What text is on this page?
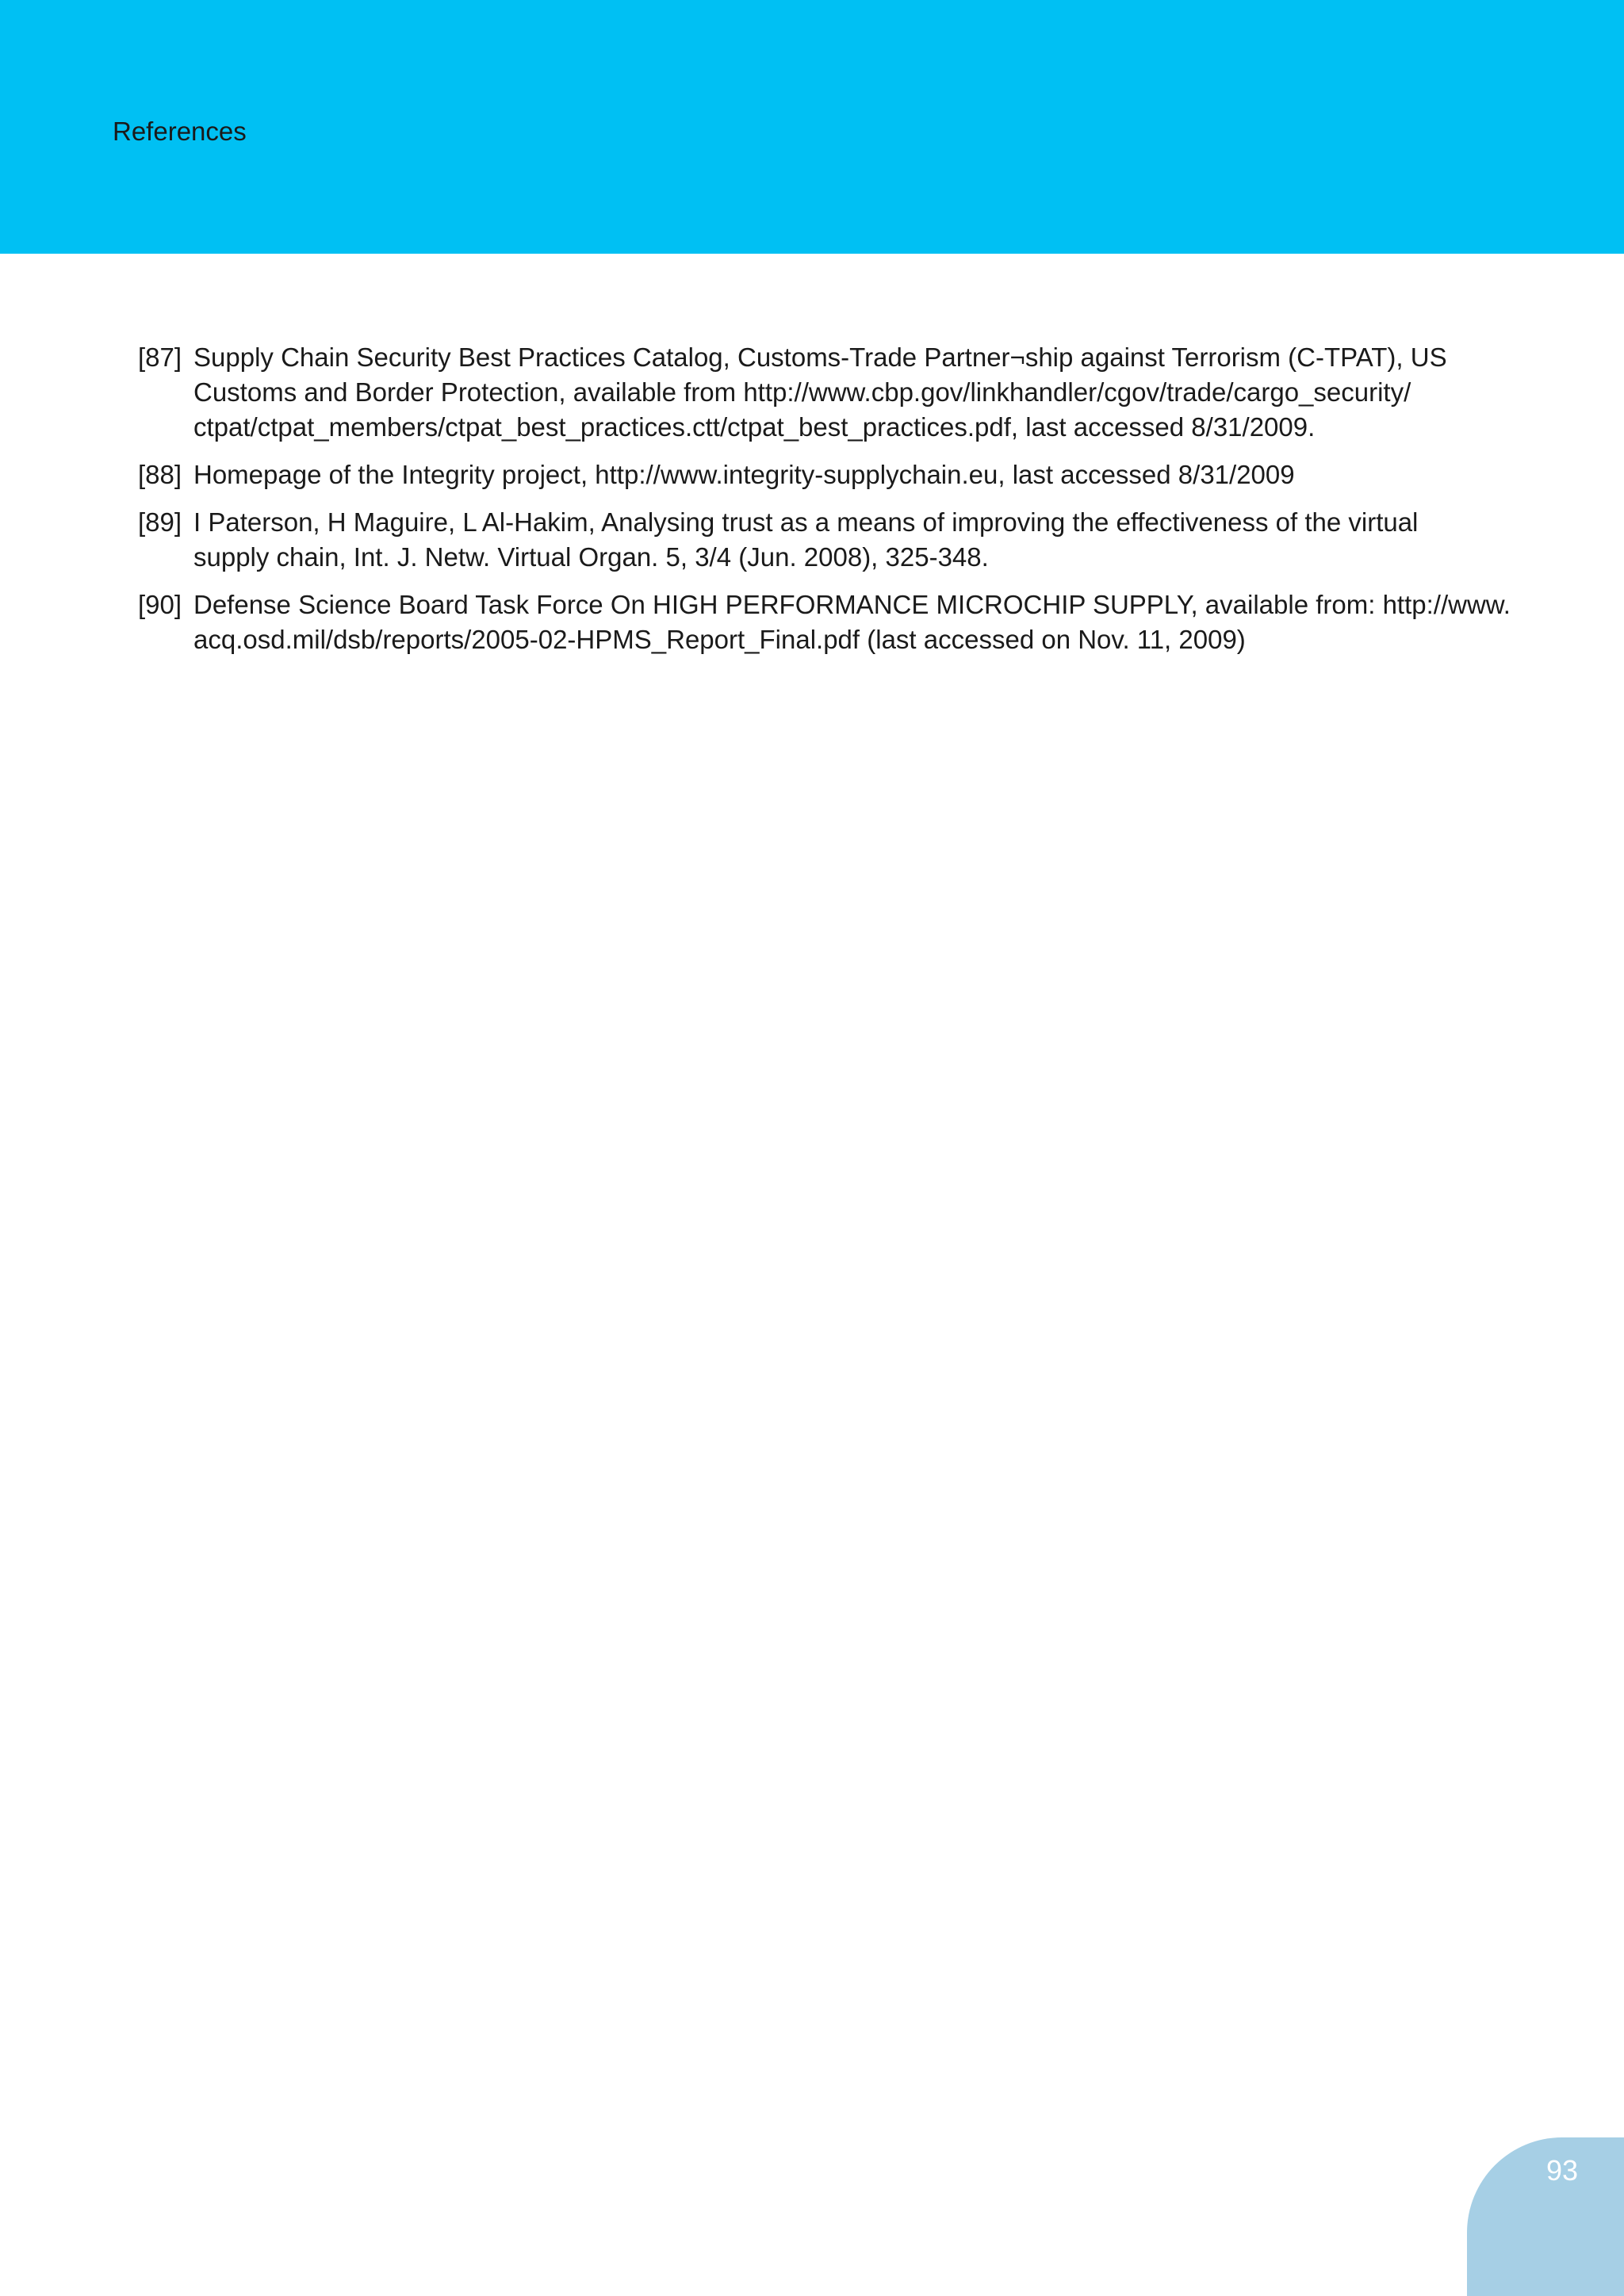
References
[87] Supply Chain Security Best Practices Catalog, Customs-Trade Partner¬ship against Terrorism (C-TPAT), US
Customs and Border Protection, available from http://www.cbp.gov/linkhandler/cgov/trade/cargo_security/
ctpat/ctpat_members/ctpat_best_practices.ctt/ctpat_best_practices.pdf, last accessed 8/31/2009.
[88] Homepage of the Integrity project, http://www.integrity-supplychain.eu, last accessed 8/31/2009
[89] I Paterson, H Maguire, L Al-Hakim, Analysing trust as a means of improving the effectiveness of the virtual
supply chain, Int. J. Netw. Virtual Organ. 5, 3/4 (Jun. 2008), 325-348.
[90] Defense Science Board Task Force On HIGH PERFORMANCE MICROCHIP SUPPLY, available from: http://www.
acq.osd.mil/dsb/reports/2005-02-HPMS_Report_Final.pdf (last accessed on Nov. 11, 2009)
93
